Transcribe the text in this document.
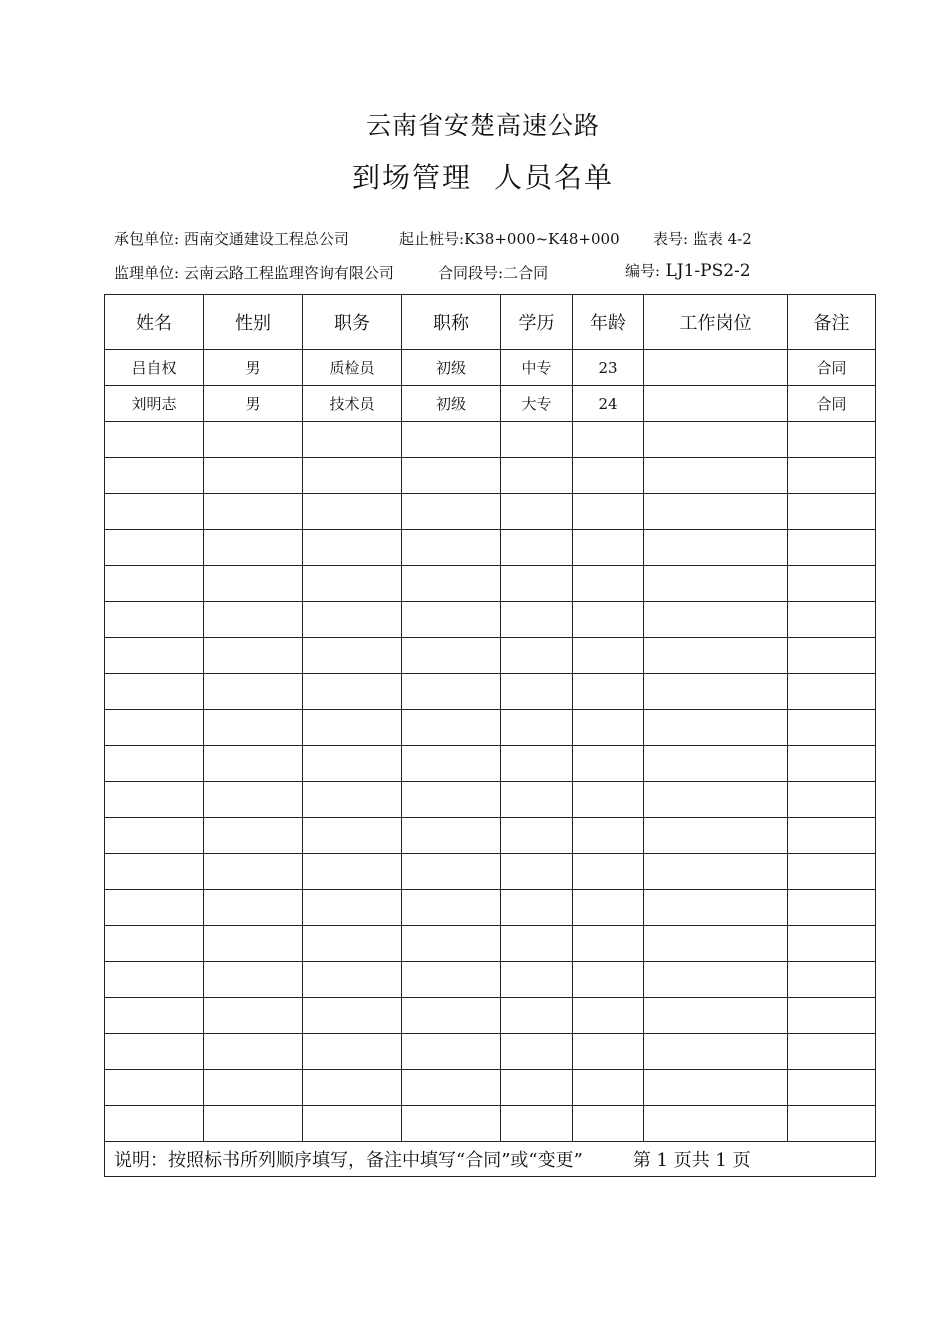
云南省安楚高速公路
到场管理 人员名单
承包单位: 西南交通建设工程总公司	起止桩号:K38+000~K48+000 表号: 监表 4-2
监理单位: 云南云路工程监理咨询有限公司	合同段号:二合同	编号: LJ1-PS2-2
姓名	性别	职务	职称	学历	年龄	工作岗位	备注
吕自权	男	质检员	初级	中专	23		合同
刘明志	男	技术员	初级	大专	24		合同

说明：按照标书所列顺序填写，备注中填写“合同”或“变更” 第 1 页共 1 页							
